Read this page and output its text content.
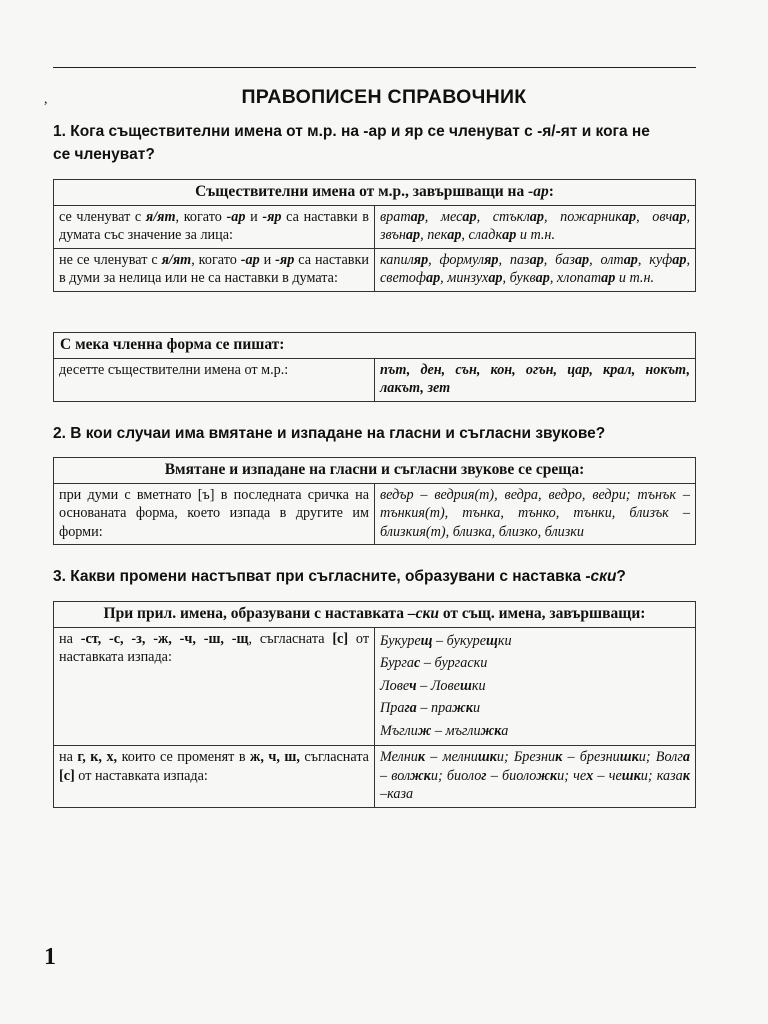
,	ПРАВОПИСЕН СПРАВОЧНИК
1. Кога съществителни имена от м.р. на -ар и яр се членуват с -я/-ят и кога не
се членуват?
Съществителни имена от м.р., завършващи на -ар:	
се членуват с я/ят, когато -ар и -яр са наставки в думата със значение за лица:	вратар, месар, стъклар, пожарникар, овчар, звънар, пекар, сладкар и т.н.
не се членуват с я/ят, когато -ар и -яр са наставки в думи за нелица или не са наставки в думата:	капиляр, формуляр, пазар, базар, олтар, куфар, светофар, минзухар, буквар, хлопатар и т.н.
С мека членна форма се пишат:
десетте съществителни имена от м.р.:	път, ден, сън, кон, огън, цар, крал, нокът, лакът, зет
2. В кои случаи има вмятане и изпадане на гласни и съгласни звукове?
Вмятане и изпадане на гласни и съгласни звукове се среща:
при думи с вметнато [ъ] в последната сричка на основаната форма, което изпада в другите им форми:	ведър – ведрия(т), ведра, ведро, ведри; тънък – тънкия(т), тънка, тънко, тънки, близък – близкия(т), близка, близко, близки
3. Какви промени настъпват при съгласните, образувани с наставка -ски?
При прил. имена, образувани с наставката –ски от същ. имена, завършващи:	
на -ст, -с, -з, -ж, -ч, -ш, -щ, съгласната [с] от наставката изпада:	Букурещ – букурещки
Бургас – бургаски
Ловеч – Ловешки
Прага – пражки
Мъглиж – мъглижка

на г, к, х, които се променят в ж, ч, ш, съгласната [с] от наставката изпада:	Мелник – мелнишки; Брезник – брезнишки; Волга – волжки; биолог – биоложки; чех – чешки; казак –каза
1
